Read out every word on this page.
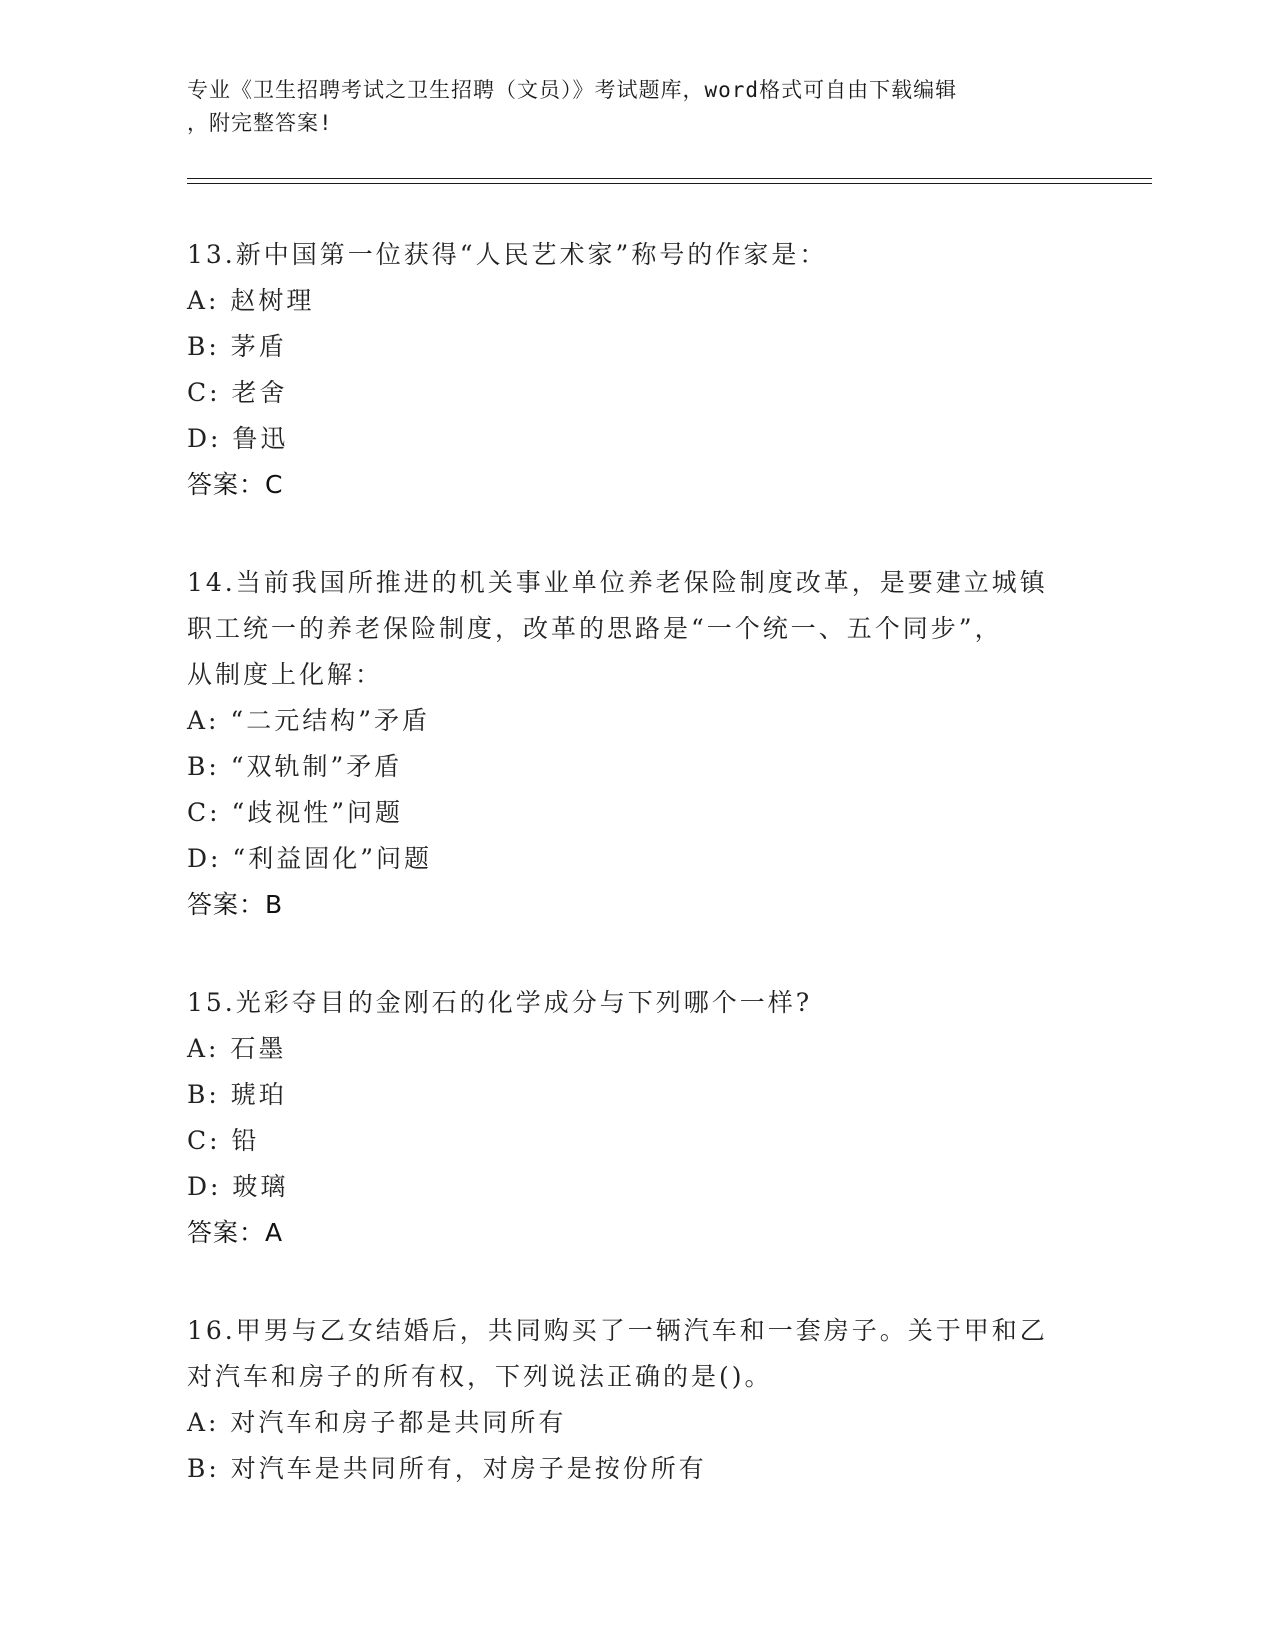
专业《卫生招聘考试之卫生招聘（文员）》考试题库，word格式可自由下载编辑
，附完整答案!
13.新中国第一位获得“人民艺术家”称号的作家是：
A: 赵树理
B: 茅盾
C: 老舍
D: 鲁迅
答案：C
14.当前我国所推进的机关事业单位养老保险制度改革，是要建立城镇
职工统一的养老保险制度，改革的思路是“一个统一、五个同步”，
从制度上化解：
A: “二元结构”矛盾
B: “双轨制”矛盾
C: “歧视性”问题
D: “利益固化”问题
答案：B
15.光彩夺目的金刚石的化学成分与下列哪个一样?
A: 石墨
B: 琥珀
C: 铅
D: 玻璃
答案：A
16.甲男与乙女结婚后，共同购买了一辆汽车和一套房子。关于甲和乙
对汽车和房子的所有权，下列说法正确的是()。
A: 对汽车和房子都是共同所有
B: 对汽车是共同所有，对房子是按份所有
